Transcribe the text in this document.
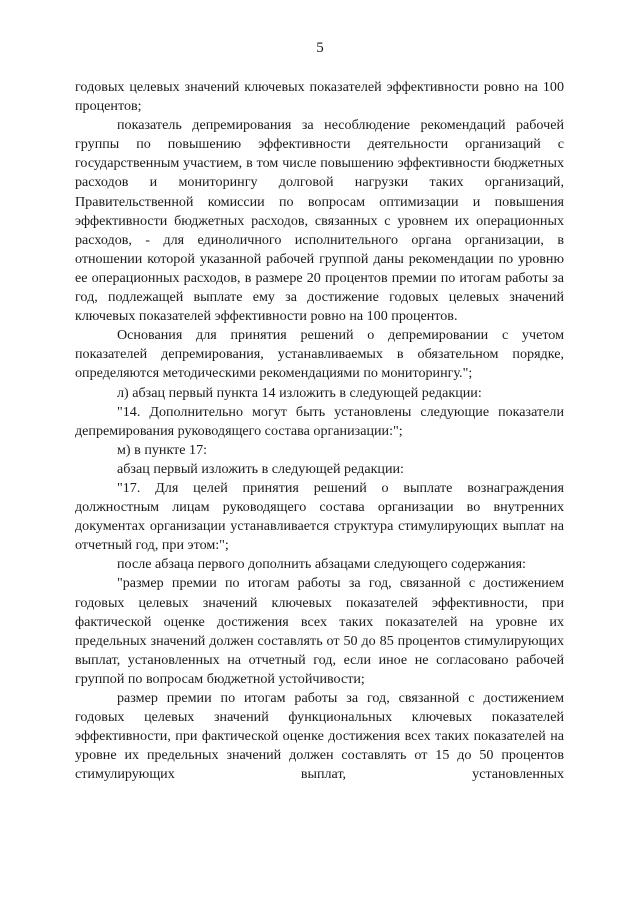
5

годовых целевых значений ключевых показателей эффективности ровно на 100 процентов;

показатель депремирования за несоблюдение рекомендаций рабочей группы по повышению эффективности деятельности организаций с государственным участием, в том числе повышению эффективности бюджетных расходов и мониторингу долговой нагрузки таких организаций, Правительственной комиссии по вопросам оптимизации и повышения эффективности бюджетных расходов, связанных с уровнем их операционных расходов, - для единоличного исполнительного органа организации, в отношении которой указанной рабочей группой даны рекомендации по уровню ее операционных расходов, в размере 20 процентов премии по итогам работы за год, подлежащей выплате ему за достижение годовых целевых значений ключевых показателей эффективности ровно на 100 процентов.

Основания для принятия решений о депремировании с учетом показателей депремирования, устанавливаемых в обязательном порядке, определяются методическими рекомендациями по мониторингу.";

л) абзац первый пункта 14 изложить в следующей редакции:

"14. Дополнительно могут быть установлены следующие показатели депремирования руководящего состава организации:";

м) в пункте 17:

абзац первый изложить в следующей редакции:

"17. Для целей принятия решений о выплате вознаграждения должностным лицам руководящего состава организации во внутренних документах организации устанавливается структура стимулирующих выплат на отчетный год, при этом:";

после абзаца первого дополнить абзацами следующего содержания:

"размер премии по итогам работы за год, связанной с достижением годовых целевых значений ключевых показателей эффективности, при фактической оценке достижения всех таких показателей на уровне их предельных значений должен составлять от 50 до 85 процентов стимулирующих выплат, установленных на отчетный год, если иное не согласовано рабочей группой по вопросам бюджетной устойчивости;

размер премии по итогам работы за год, связанной с достижением годовых целевых значений функциональных ключевых показателей эффективности, при фактической оценке достижения всех таких показателей на уровне их предельных значений должен составлять от 15 до 50 процентов стимулирующих выплат, установленных
